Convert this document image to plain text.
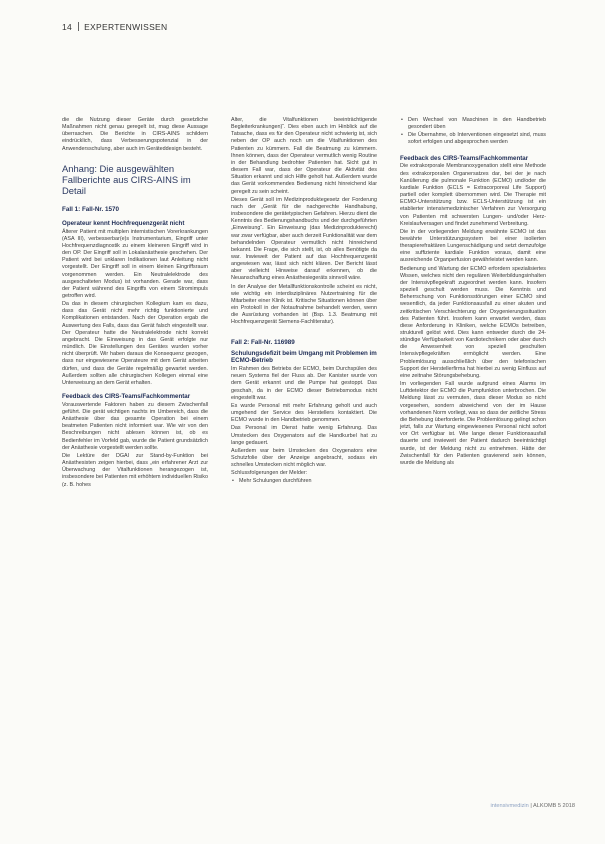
14 EXPERTENWISSEN

die die Nutzung dieser Geräte durch gesetzliche Maßnahmen nicht genau geregelt ist, mag diese Aussage überraschen. Die Berichte in CIRS-AINS schildern eindrücklich, dass Verbesserungspotenzial in der Anwendersschulung, aber auch im Geräteddesign besteht.

Anhang: Die ausgewählten Fallberichte aus CIRS-AINS im Detail
Fall 1: Fall-Nr. 1570
Operateur kennt Hochfrequenzgerät nicht

Älterer Patient mit multiplen internistischen Vorerkrankungen (ASA III), verbesserbar(e)s Instrumentarium, Eingriff unter Hochfrequenzdiagnostik zu einem kleineren Eingriff wird in den OP. Der Eingriff soll in Lokalanästhesie geschehen. Der Patient wird bei unklaren Indikationen laut Anleitung nicht vorgestellt. Der Eingriff soll in einem kleinen Eingriffsraum vorgenommen werden. Ein Neutralelektrode des ausgeschalteten Modus) ist vorhanden. Gerade war, dass der Patient während des Eingriffs von einem Stromimpuls getroffen wird.

Da das in diesem chirurgischen Kollegium kam es dazu, dass das Gerät nicht mehr richtig funktionierte und Komplikationen entstanden. Nach der Operation ergab die Auswertung des Falls, dass das Gerät falsch eingestellt war. Der Operateur hatte die Neutralelektrode nicht korrekt angebracht. Die Einweisung in das Gerät erfolgte nur mündlich. Die Einstellungen des Gerätes wurden vorher nicht überprüft. Wir haben daraus die Konsequenz gezogen, dass nur eingewiesene Operateure mit dem Gerät arbeiten dürfen, und dass die Geräte regelmäßig gewartet werden. Außerdem sollten alle chirurgischen Kollegen einmal eine Unterweisung an dem Gerät erhalten.

Feedback des CIRS-Teams/Fachkommentar

Vorauswertende Faktoren haben zu diesem Zwischenfall geführt. Die gerät wichtigen nachts im Umbereich, dass die Anästhesie über das gesamte Operation bei einem beatmeten Patienten nicht informiert war. Wie wir von den Beschreibungen nicht ablesen können ist, ob es Bedienfehler im Vorfeld gab, wurde die Patient grundsätzlich der Anästhesie vorgestellt werden sollte.

Die Lektüre der DGAI zur Stand-by-Funktion bei Anästhesisten zeigen hierbei, dass „ein erfahrener Arzt zur Überwachung der Vitalfunktionen herangezogen ist, insbesondere bei Patienten mit erhöhtem individuellen Risiko (z. B. hohes

Alter, die Vitalfunktionen beeinträchtigende Begleiterkrankungen)“. Dies eben auch im Hinblick auf die Tatsache, dass es für den Operateur nicht schwierig ist, sich neben der OP auch noch um die Vitalfunktionen des Patienten zu kümmern. Fall die Beatmung zu kümmern. Ihnen können, dass der Operateur vermutlich wenig Routine in der Behandlung bedrohter Patienten hat. Sicht gut in diesem Fall war, dass der Operateur die Aktivität des Situation erkannt und sich Hilfe geholt hat. Außerdem wurde das Gerät vorkommendes Bedienung nicht hinreichend klar geregelt zu sein scheint.

Dieses Gerät soll im Medizinproduktegesetz der Forderung nach der „Gerät für die nachgerechte Handhabung, insbesondere die gerätetypischen Gefahren. Hierzu dient die Kenntnis des Bedienungshandbuchs und der durchgeführten „Einweisung“. Ein Einweisung (das Medizinprodukterecht) war zwar verfügbar, aber auch derzeit Funktionalität war dem behandelnden Operateur vermutlich nicht hinreichend bekannt. Die Frage, die sich stellt, ist, ob alles Benötigte da war. Inwieweit der Patient auf das Hochfrequenzgerät angewiesen war, lässt sich nicht klären. Der Bericht lässt aber vielleicht Hinweise darauf erkennen, ob die Neuanschaffung eines Anästhesiegeräts sinnvoll wäre.

In der Analyse der Metallfunktionskontrolle scheint es nicht, wie wichtig ein interdisziplinäres Nutzertraining für die Mitarbeiter einer Klinik ist. Kritische Situationen können über ein Protokoll in der Notaufnahme behandelt werden, wenn die Ausrüstung vorhanden ist (Bsp. 1.3. Beatmung mit Hochfrequenzgerät Siemens-Fachliteratur).

Fall 2: Fall-Nr. 116989
Schulungsdefizit beim Umgang mit Problemen im ECMO-Betrieb

Im Rahmen des Betriebs der ECMO, beim Durchspülen des neuen Systems fiel der Fluss ab. Der Kanister wurde von dem Gerät erkannt und die Pumpe hat gestoppt. Das geschah, da in der ECMO dieser Betriebsmodus nicht eingestellt war.

Es wurde Personal mit mehr Erfahrung geholt und auch umgehend der Service des Herstellers kontaktiert. Die ECMO wurde in den Handbetrieb genommen.

Das Personal im Dienst hatte wenig Erfahrung. Das Umstecken des Oxygenators auf die Handkurbel hat zu lange gedauert.

Außerdem war beim Umstecken des Oxygenators eine Schutzfolie über der Anzeige angebracht, sodass ein schnelles Umstecken nicht möglich war.

Schlussfolgerungen der Melder:

• Mehr Schulungen durchführen
• Den Wechsel von Maschinen in den Handbetrieb gesondert üben
• Die Übernahme, ob Interventionen eingesetzt sind, muss sofort erfolgen und abgesprochen werden
Feedback des CIRS-Teams/Fachkommentar

Die extrakorporale Membranoxygenation stellt eine Methode des extrakorporalen Organersatzes dar, bei der je nach Kanülierung die pulmonale Funktion (ECMO) und/oder die kardiale Funktion (ECLS = Extracorporeal Life Support) partiell oder komplett übernommen wird. Die Therapie mit ECMO-Unterstützung bzw. ECLS-Unterstützung ist ein etablierter intensivmedizinischer Verfahren zur Versorgung von Patienten mit schwersten Lungen- und/oder Herz-Kreislaufversagen und findet zunehmend Verbreitung.

Die in der vorliegenden Meldung erwähnte ECMO ist das bewährte Unterstützungssystem bei einer isolierten therapierefraktären Lungenschädigung und setzt demzufolge eine suffiziente kardiale Funktion voraus, damit eine ausreichende Organperfusion gewährleistet werden kann.

Bedienung und Wartung der ECMO erfordern spezialisiertes Wissen, welches nicht den regulären Weiterbildungsinhalten der Intensivpflegekraft zugeordnet werden kann. Insofern speziell geschult werden muss. Die Kenntnis und Beherrschung von Funktionsstörungen einer ECMO sind wesentlich, da jeder Funktionsausfall zu einer akuten und zeitkritischen Verschlechterung der Oxygenierungssituation des Patienten führt. Insofern kann erwartet werden, dass diese Anforderung in Kliniken, welche ECMOs betreiben, strukturell gelöst wird. Dies kann entweder durch die 24-stündige Verfügbarkeit von Kardiotechnikern oder aber durch die Anwesenheit von speziell geschulten Intensivpflegekräften ermöglicht werden. Eine Problemlösung ausschließlich über den telefonischen Support der Herstellerfirma hat hierbei zu wenig Einfluss auf eine zeitnahe Störungsbehebung.

Im vorliegenden Fall wurde aufgrund eines Alarms im Luftdetektor der ECMO die Pumpfunktion unterbrochen. Die Meldung lässt zu vermuten, dass dieser Modus so nicht vorgesehen, sondern abweichend von der im Hause vorhandenen Norm vorliegt, was so dass der zeitliche Stress die Behebung überforderte. Die Problemlösung gelingt schon jetzt, falls zur Wartung eingewiesenes Personal nicht sofort vor Ort verfügbar ist. Wie lange dieser Funktionsausfall dauerte und inwieweit der Patient dadurch beeinträchtigt wurde, ist der Meldung nicht zu entnehmen. Hätte der Zwischenfall für den Patienten gravierend sein können, wurde die Meldung als

intensivmedizin | ALKOMB 5 2018
